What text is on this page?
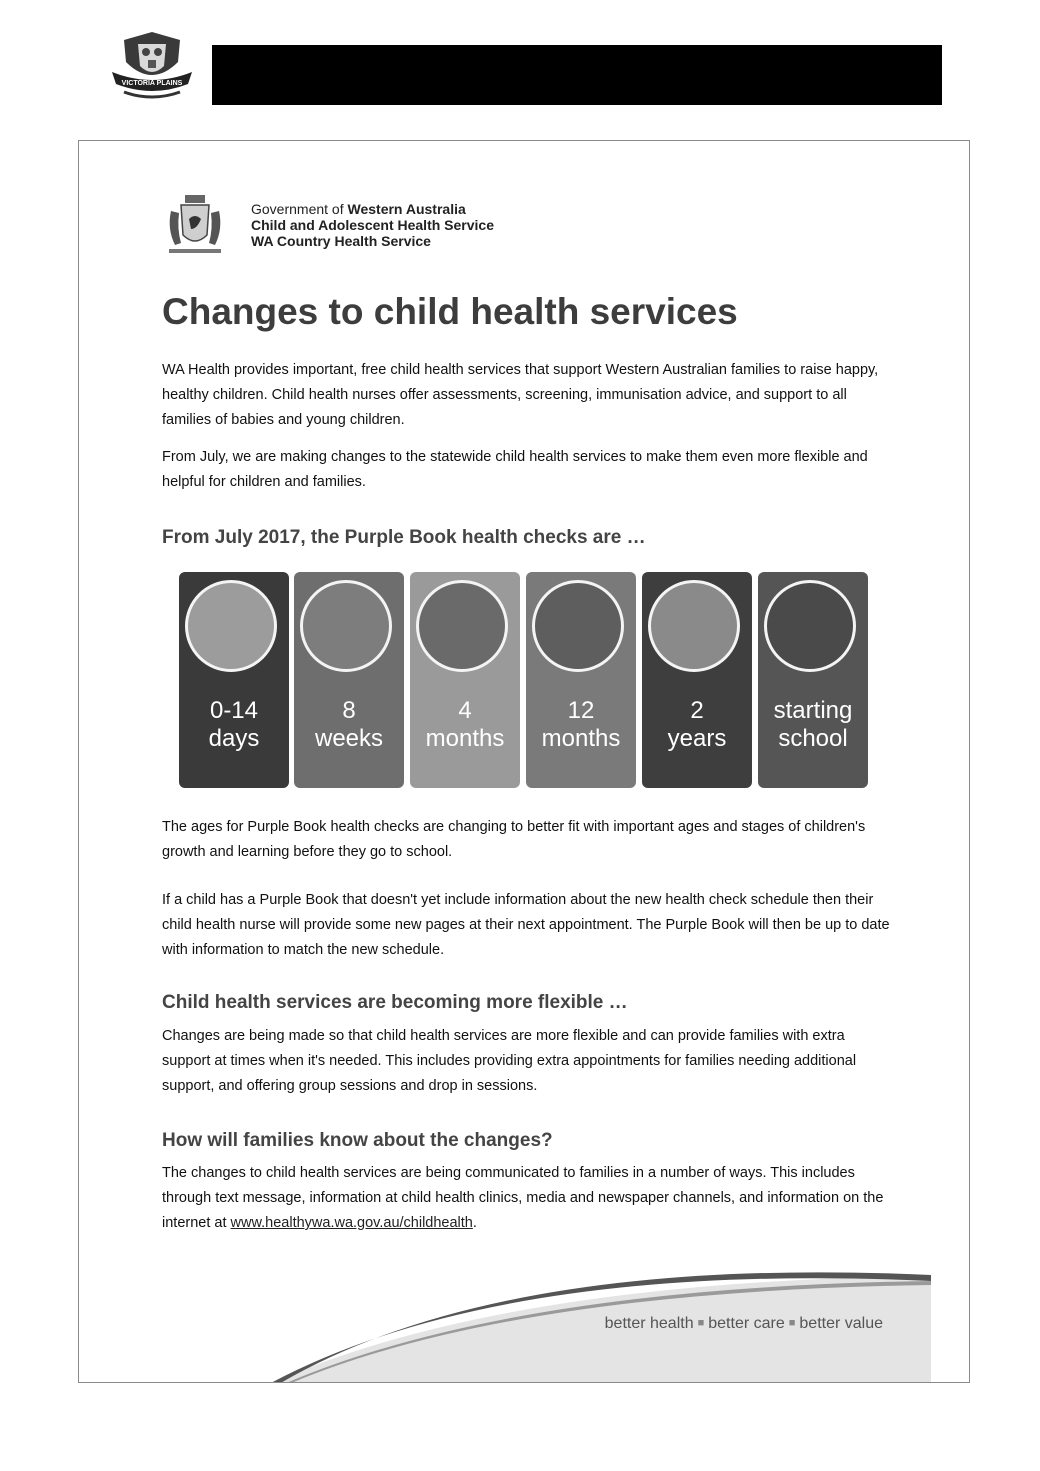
VICTORIA PLAINS
Government of Western Australia
Child and Adolescent Health Service
WA Country Health Service
Changes to child health services
WA Health provides important, free child health services that support Western Australian families to raise happy, healthy children. Child health nurses offer assessments, screening, immunisation advice, and support to all families of babies and young children.
From July, we are making changes to the statewide child health services to make them even more flexible and helpful for children and families.
From July 2017, the Purple Book health checks are …
0-14
days
8
weeks
4
months
12
months
2
years
starting
school
The ages for Purple Book health checks are changing to better fit with important ages and stages of children's growth and learning before they go to school.
If a child has a Purple Book that doesn't yet include information about the new health check schedule then their child health nurse will provide some new pages at their next appointment. The Purple Book will then be up to date with information to match the new schedule.
Child health services are becoming more flexible …
Changes are being made so that child health services are more flexible and can provide families with extra support at times when it's needed. This includes providing extra appointments for families needing additional support, and offering group sessions and drop in sessions.
How will families know about the changes?
The changes to child health services are being communicated to families in a number of ways. This includes through text message, information at child health clinics, media and newspaper channels, and information on the internet at www.healthywa.wa.gov.au/childhealth.
better health ■ better care ■ better value
